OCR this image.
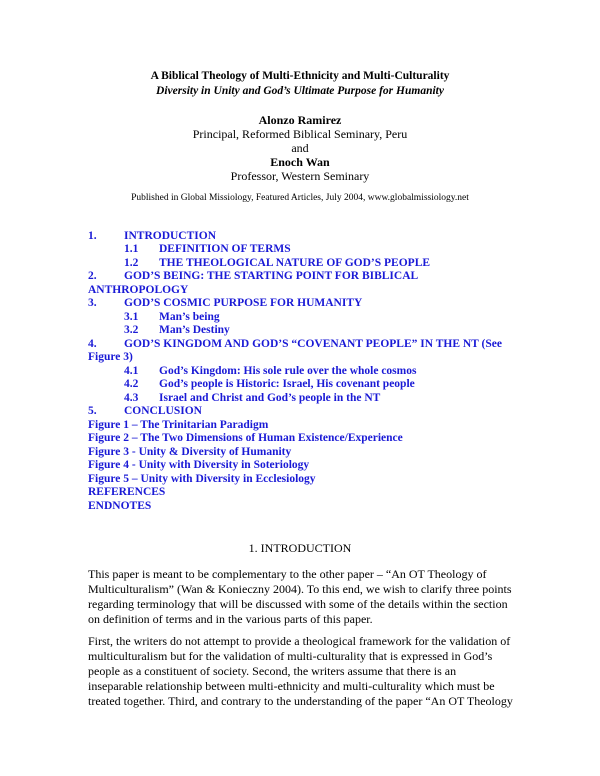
A Biblical Theology of Multi-Ethnicity and Multi-Culturality
Diversity in Unity and God’s Ultimate Purpose for Humanity
Alonzo Ramirez
Principal, Reformed Biblical Seminary, Peru
and
Enoch Wan
Professor, Western Seminary
Published in Global Missiology, Featured Articles, July 2004, www.globalmissiology.net
1. INTRODUCTION
1.1 DEFINITION OF TERMS
1.2 THE THEOLOGICAL NATURE OF GOD’S PEOPLE
2. GOD’S BEING: THE STARTING POINT FOR BIBLICAL
ANTHROPOLOGY
3. GOD’S COSMIC PURPOSE FOR HUMANITY
3.1 Man’s being
3.2 Man’s Destiny
4. GOD’S KINGDOM AND GOD’S “COVENANT PEOPLE” IN THE NT (See
Figure 3)
4.1 God’s Kingdom: His sole rule over the whole cosmos
4.2 God’s people is Historic: Israel, His covenant people
4.3 Israel and Christ and God’s people in the NT
5. CONCLUSION
Figure 1 – The Trinitarian Paradigm
Figure 2 – The Two Dimensions of Human Existence/Experience
Figure 3 - Unity & Diversity of Humanity
Figure 4 - Unity with Diversity in Soteriology
Figure 5 – Unity with Diversity in Ecclesiology
REFERENCES
ENDNOTES
1. INTRODUCTION
This paper is meant to be complementary to the other paper – “An OT Theology of
Multiculturalism” (Wan & Konieczny 2004). To this end, we wish to clarify three points
regarding terminology that will be discussed with some of the details within the section
on definition of terms and in the various parts of this paper.
First, the writers do not attempt to provide a theological framework for the validation of
multiculturalism but for the validation of multi-culturality that is expressed in God’s
people as a constituent of society. Second, the writers assume that there is an
inseparable relationship between multi-ethnicity and multi-culturality which must be
treated together. Third, and contrary to the understanding of the paper “An OT Theology
